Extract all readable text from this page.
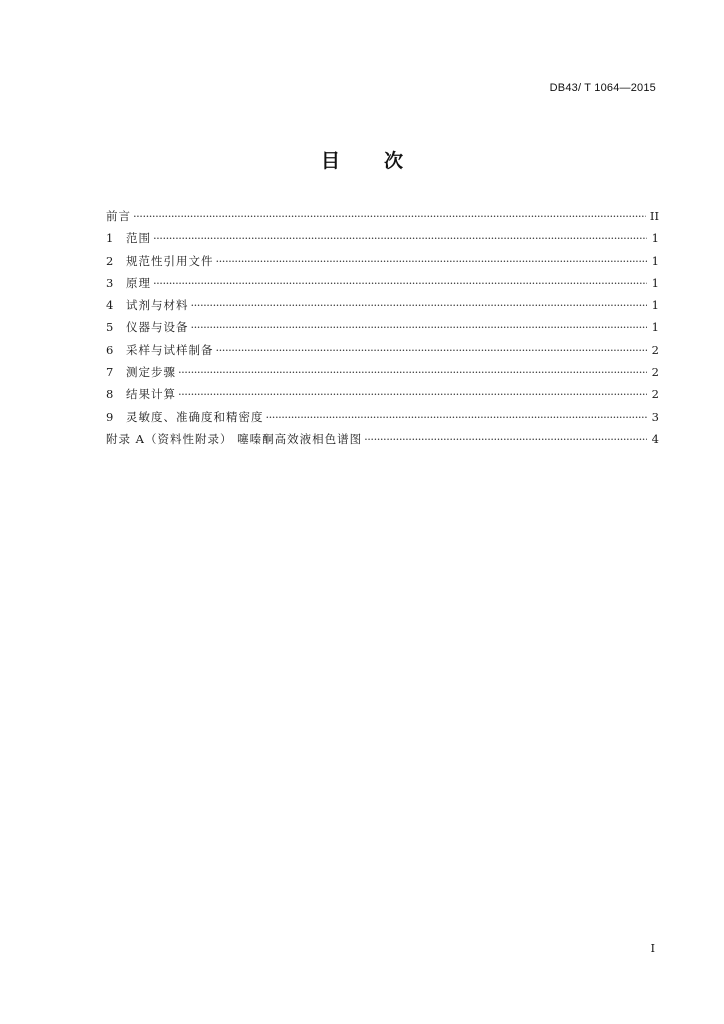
DB43/ T 1064—2015
目 次
前言 ·····	II
1	范围 ·····	1
2	规范性引用文件 ·····	1
3	原理 ·····	1
4	试剂与材料 ·····	1
5	仪器与设备 ·····	1
6	采样与试样制备 ·····	2
7	测定步骤 ·····	2
8	结果计算 ·····	2
9	灵敏度、准确度和精密度 ·····	3
附录 A（资料性附录） 噻嗪酮高效液相色谱图 ·····	4
I
